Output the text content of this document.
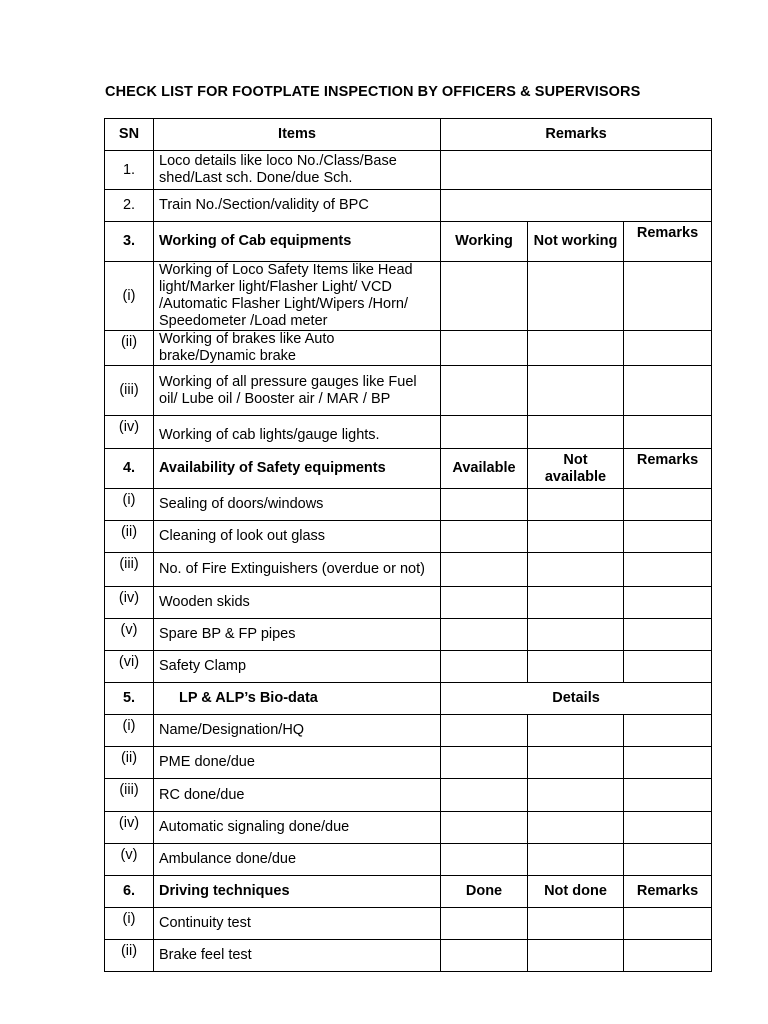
CHECK LIST FOR FOOTPLATE INSPECTION BY OFFICERS & SUPERVISORS
SN	Items	Remarks		
1.	Loco details like loco No./Class/Base shed/Last sch. Done/due Sch.			
2.	Train No./Section/validity of BPC			
3.	Working of Cab equipments	Working	Not working	Remarks
(i)	Working of Loco Safety Items like Head light/Marker light/Flasher Light/ VCD /Automatic Flasher Light/Wipers /Horn/ Speedometer /Load meter			
(ii)	Working of brakes like Auto brake/Dynamic brake			
(iii)	Working of all pressure gauges like Fuel oil/ Lube oil / Booster air / MAR / BP			
(iv)	Working of cab lights/gauge lights.			
4.	Availability of Safety equipments	Available	Not available	Remarks
(i)	Sealing of doors/windows			
(ii)	Cleaning of look out glass			
(iii)	No. of Fire Extinguishers (overdue or not)			
(iv)	Wooden skids			
(v)	Spare BP & FP pipes			
(vi)	Safety Clamp			
5.	LP & ALP’s Bio-data	Details		
(i)	Name/Designation/HQ			
(ii)	PME done/due			
(iii)	RC done/due			
(iv)	Automatic signaling done/due			
(v)	Ambulance done/due			
6.	Driving techniques	Done	Not done	Remarks
(i)	Continuity test			
(ii)	Brake feel test			
